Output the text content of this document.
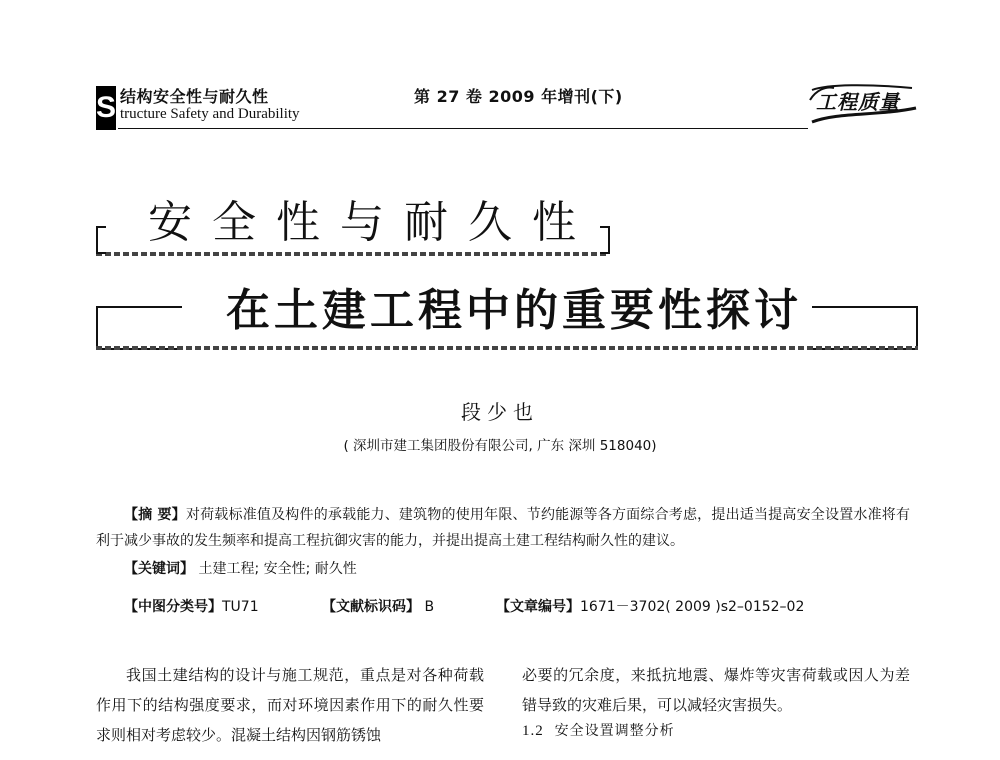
S 结构安全性与耐久性
tructure Safety and Durability
第 27 卷 2009 年增刊(下)	工程质量
安全性与耐久性
在土建工程中的重要性探讨
段少也
( 深圳市建工集团股份有限公司, 广东 深圳 518040)
【摘 要】对荷载标准值及构件的承载能力、建筑物的使用年限、节约能源等各方面综合考虑，提出适当提高安全设置水准将有利于减少事故的发生频率和提高工程抗御灾害的能力，并提出提高土建工程结构耐久性的建议。
【关键词】 土建工程; 安全性; 耐久性
【中图分类号】TU71	【文献标识码】 B	【文章编号】1671－3702( 2009 )s2–0152–02
我国土建结构的设计与施工规范，重点是对各种荷载作用下的结构强度要求，而对环境因素作用下的耐久性要求则相对考虑较少。混凝土结构因钢筋锈蚀
必要的冗余度，来抵抗地震、爆炸等灾害荷载或因人为差错导致的灾难后果，可以减轻灾害损失。
1.2 安全设置调整分析
